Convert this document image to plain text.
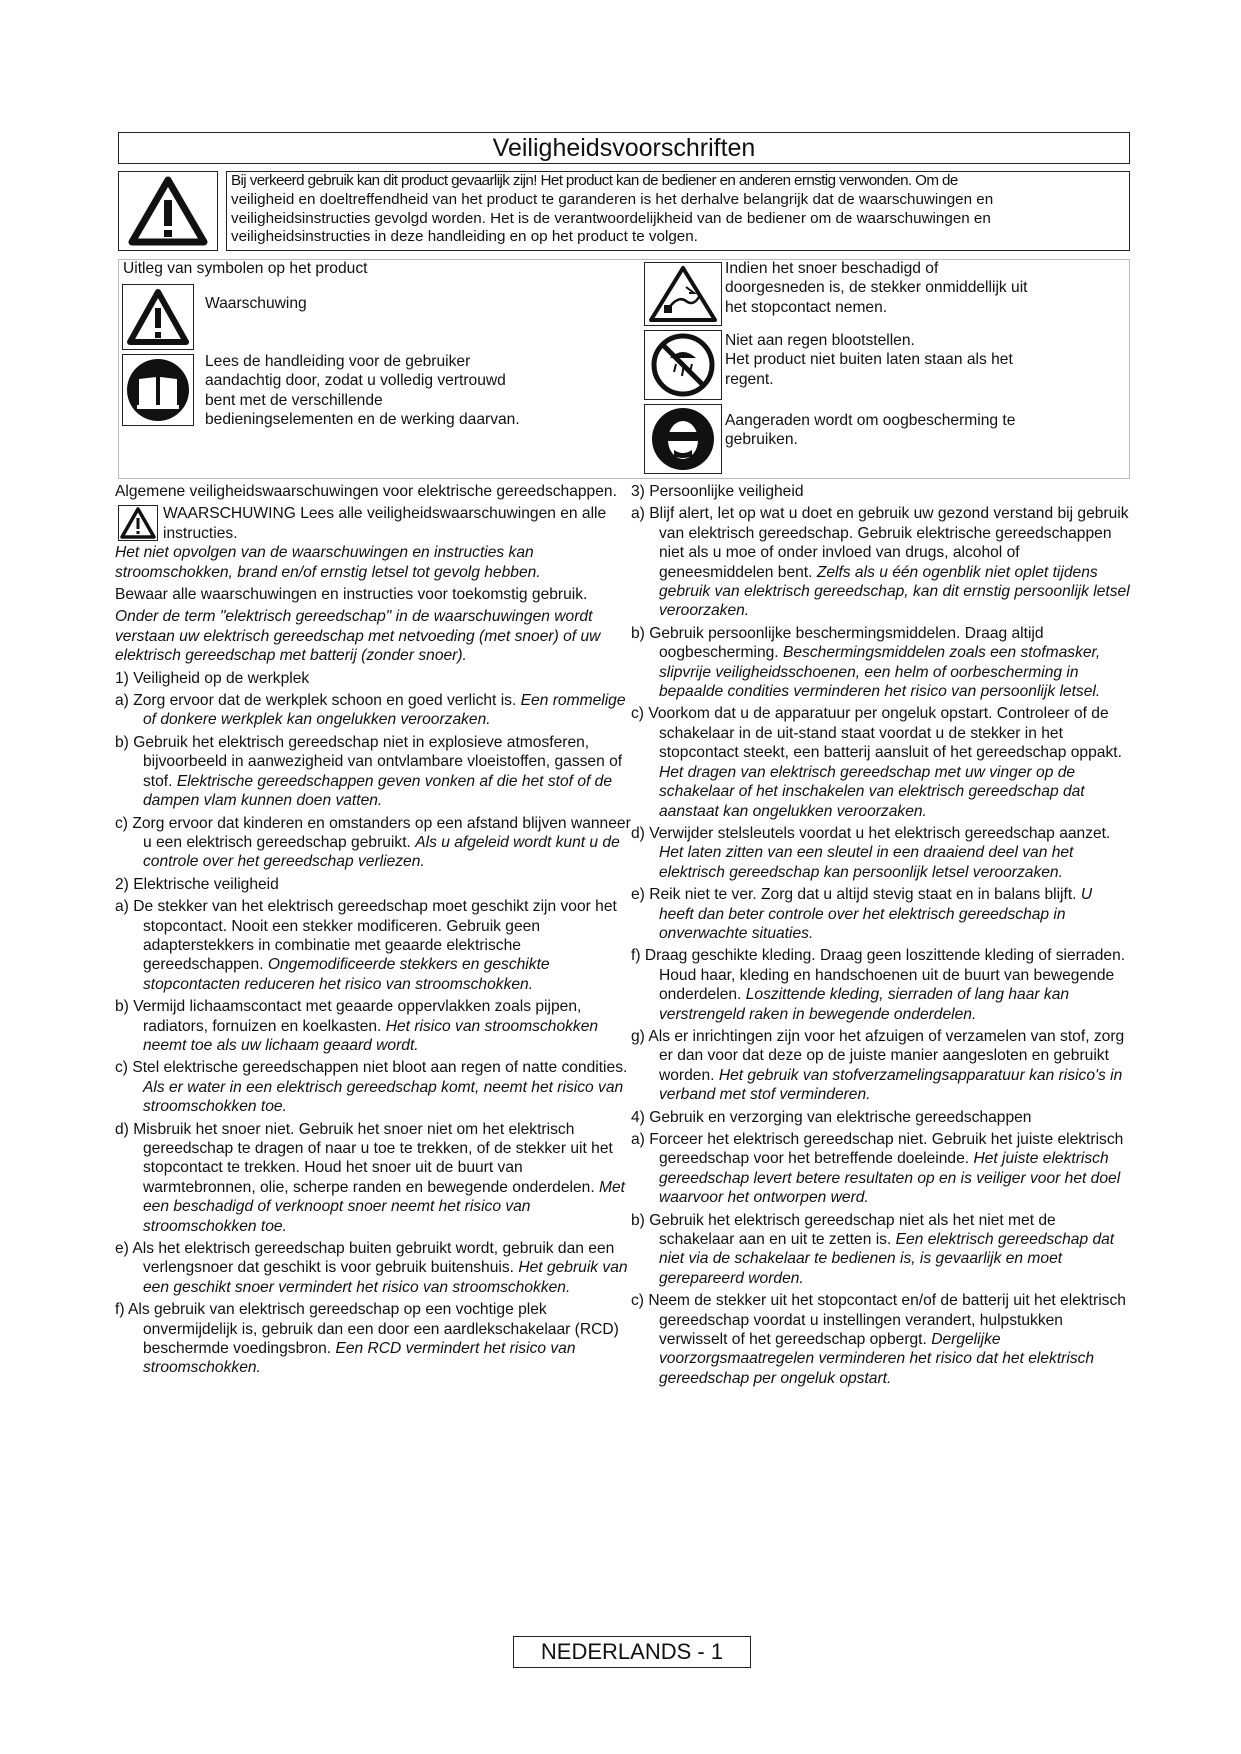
Veiligheidsvoorschriften
Bij verkeerd gebruik kan dit product gevaarlijk zijn! Het product kan de bediener en anderen ernstig verwonden. Om de
veiligheid en doeltreffendheid van het product te garanderen is het derhalve belangrijk dat de waarschuwingen en
veiligheidsinstructies gevolgd worden. Het is de verantwoordelijkheid van de bediener om de waarschuwingen en
veiligheidsinstructies in deze handleiding en op het product te volgen.
Uitleg van symbolen op het product
Waarschuwing
Lees de handleiding voor de gebruiker
aandachtig door, zodat u volledig vertrouwd
bent met de verschillende
bedieningselementen en de werking daarvan.
Indien het snoer beschadigd of
doorgesneden is, de stekker onmiddellijk uit
het stopcontact nemen.
Niet aan regen blootstellen.
Het product niet buiten laten staan als het
regent.
Aangeraden wordt om oogbescherming te
gebruiken.

Algemene veiligheidswaarschuwingen voor elektrische gereedschappen.

WAARSCHUWING Lees alle veiligheidswaarschuwingen en alle instructies.

Het niet opvolgen van de waarschuwingen en instructies kan stroomschokken, brand en/of ernstig letsel tot gevolg hebben.

Bewaar alle waarschuwingen en instructies voor toekomstig gebruik.

Onder de term "elektrisch gereedschap" in de waarschuwingen wordt verstaan uw elektrisch gereedschap met netvoeding (met snoer) of uw elektrisch gereedschap met batterij (zonder snoer).

1) Veiligheid op de werkplek

a) Zorg ervoor dat de werkplek schoon en goed verlicht is. Een rommelige of donkere werkplek kan ongelukken veroorzaken.

b) Gebruik het elektrisch gereedschap niet in explosieve atmosferen, bijvoorbeeld in aanwezigheid van ontvlambare vloeistoffen, gassen of stof. Elektrische gereedschappen geven vonken af die het stof of de dampen vlam kunnen doen vatten.

c) Zorg ervoor dat kinderen en omstanders op een afstand blijven wanneer u een elektrisch gereedschap gebruikt. Als u afgeleid wordt kunt u de controle over het gereedschap verliezen.

2) Elektrische veiligheid

a) De stekker van het elektrisch gereedschap moet geschikt zijn voor het stopcontact. Nooit een stekker modificeren. Gebruik geen adapterstekkers in combinatie met geaarde elektrische gereedschappen. Ongemodificeerde stekkers en geschikte stopcontacten reduceren het risico van stroomschokken.

b) Vermijd lichaamscontact met geaarde oppervlakken zoals pijpen, radiators, fornuizen en koelkasten. Het risico van stroomschokken neemt toe als uw lichaam geaard wordt.

c) Stel elektrische gereedschappen niet bloot aan regen of natte condities. Als er water in een elektrisch gereedschap komt, neemt het risico van stroomschokken toe.

d) Misbruik het snoer niet. Gebruik het snoer niet om het elektrisch gereedschap te dragen of naar u toe te trekken, of de stekker uit het stopcontact te trekken. Houd het snoer uit de buurt van warmtebronnen, olie, scherpe randen en bewegende onderdelen. Met een beschadigd of verknoopt snoer neemt het risico van stroomschokken toe.

e) Als het elektrisch gereedschap buiten gebruikt wordt, gebruik dan een verlengsnoer dat geschikt is voor gebruik buitenshuis. Het gebruik van een geschikt snoer vermindert het risico van stroomschokken.

f) Als gebruik van elektrisch gereedschap op een vochtige plek onvermijdelijk is, gebruik dan een door een aardlekschakelaar (RCD) beschermde voedingsbron. Een RCD vermindert het risico van stroomschokken.

3) Persoonlijke veiligheid

a) Blijf alert, let op wat u doet en gebruik uw gezond verstand bij gebruik van elektrisch gereedschap. Gebruik elektrische gereedschappen niet als u moe of onder invloed van drugs, alcohol of geneesmiddelen bent. Zelfs als u één ogenblik niet oplet tijdens gebruik van elektrisch gereedschap, kan dit ernstig persoonlijk letsel veroorzaken.

b) Gebruik persoonlijke beschermingsmiddelen. Draag altijd oogbescherming. Beschermingsmiddelen zoals een stofmasker, slipvrije veiligheidsschoenen, een helm of oorbescherming in bepaalde condities verminderen het risico van persoonlijk letsel.

c) Voorkom dat u de apparatuur per ongeluk opstart. Controleer of de schakelaar in de uit-stand staat voordat u de stekker in het stopcontact steekt, een batterij aansluit of het gereedschap oppakt. Het dragen van elektrisch gereedschap met uw vinger op de schakelaar of het inschakelen van elektrisch gereedschap dat aanstaat kan ongelukken veroorzaken.

d) Verwijder stelsleutels voordat u het elektrisch gereedschap aanzet. Het laten zitten van een sleutel in een draaiend deel van het elektrisch gereedschap kan persoonlijk letsel veroorzaken.

e) Reik niet te ver. Zorg dat u altijd stevig staat en in balans blijft. U heeft dan beter controle over het elektrisch gereedschap in onverwachte situaties.

f) Draag geschikte kleding. Draag geen loszittende kleding of sierraden. Houd haar, kleding en handschoenen uit de buurt van bewegende onderdelen. Loszittende kleding, sierraden of lang haar kan verstrengeld raken in bewegende onderdelen.

g) Als er inrichtingen zijn voor het afzuigen of verzamelen van stof, zorg er dan voor dat deze op de juiste manier aangesloten en gebruikt worden. Het gebruik van stofverzamelingsapparatuur kan risico's in verband met stof verminderen.

4) Gebruik en verzorging van elektrische gereedschappen

a) Forceer het elektrisch gereedschap niet. Gebruik het juiste elektrisch gereedschap voor het betreffende doeleinde. Het juiste elektrisch gereedschap levert betere resultaten op en is veiliger voor het doel waarvoor het ontworpen werd.

b) Gebruik het elektrisch gereedschap niet als het niet met de schakelaar aan en uit te zetten is. Een elektrisch gereedschap dat niet via de schakelaar te bedienen is, is gevaarlijk en moet gerepareerd worden.

c) Neem de stekker uit het stopcontact en/of de batterij uit het elektrisch gereedschap voordat u instellingen verandert, hulpstukken verwisselt of het gereedschap opbergt. Dergelijke voorzorgsmaatregelen verminderen het risico dat het elektrisch gereedschap per ongeluk opstart.

NEDERLANDS - 1
